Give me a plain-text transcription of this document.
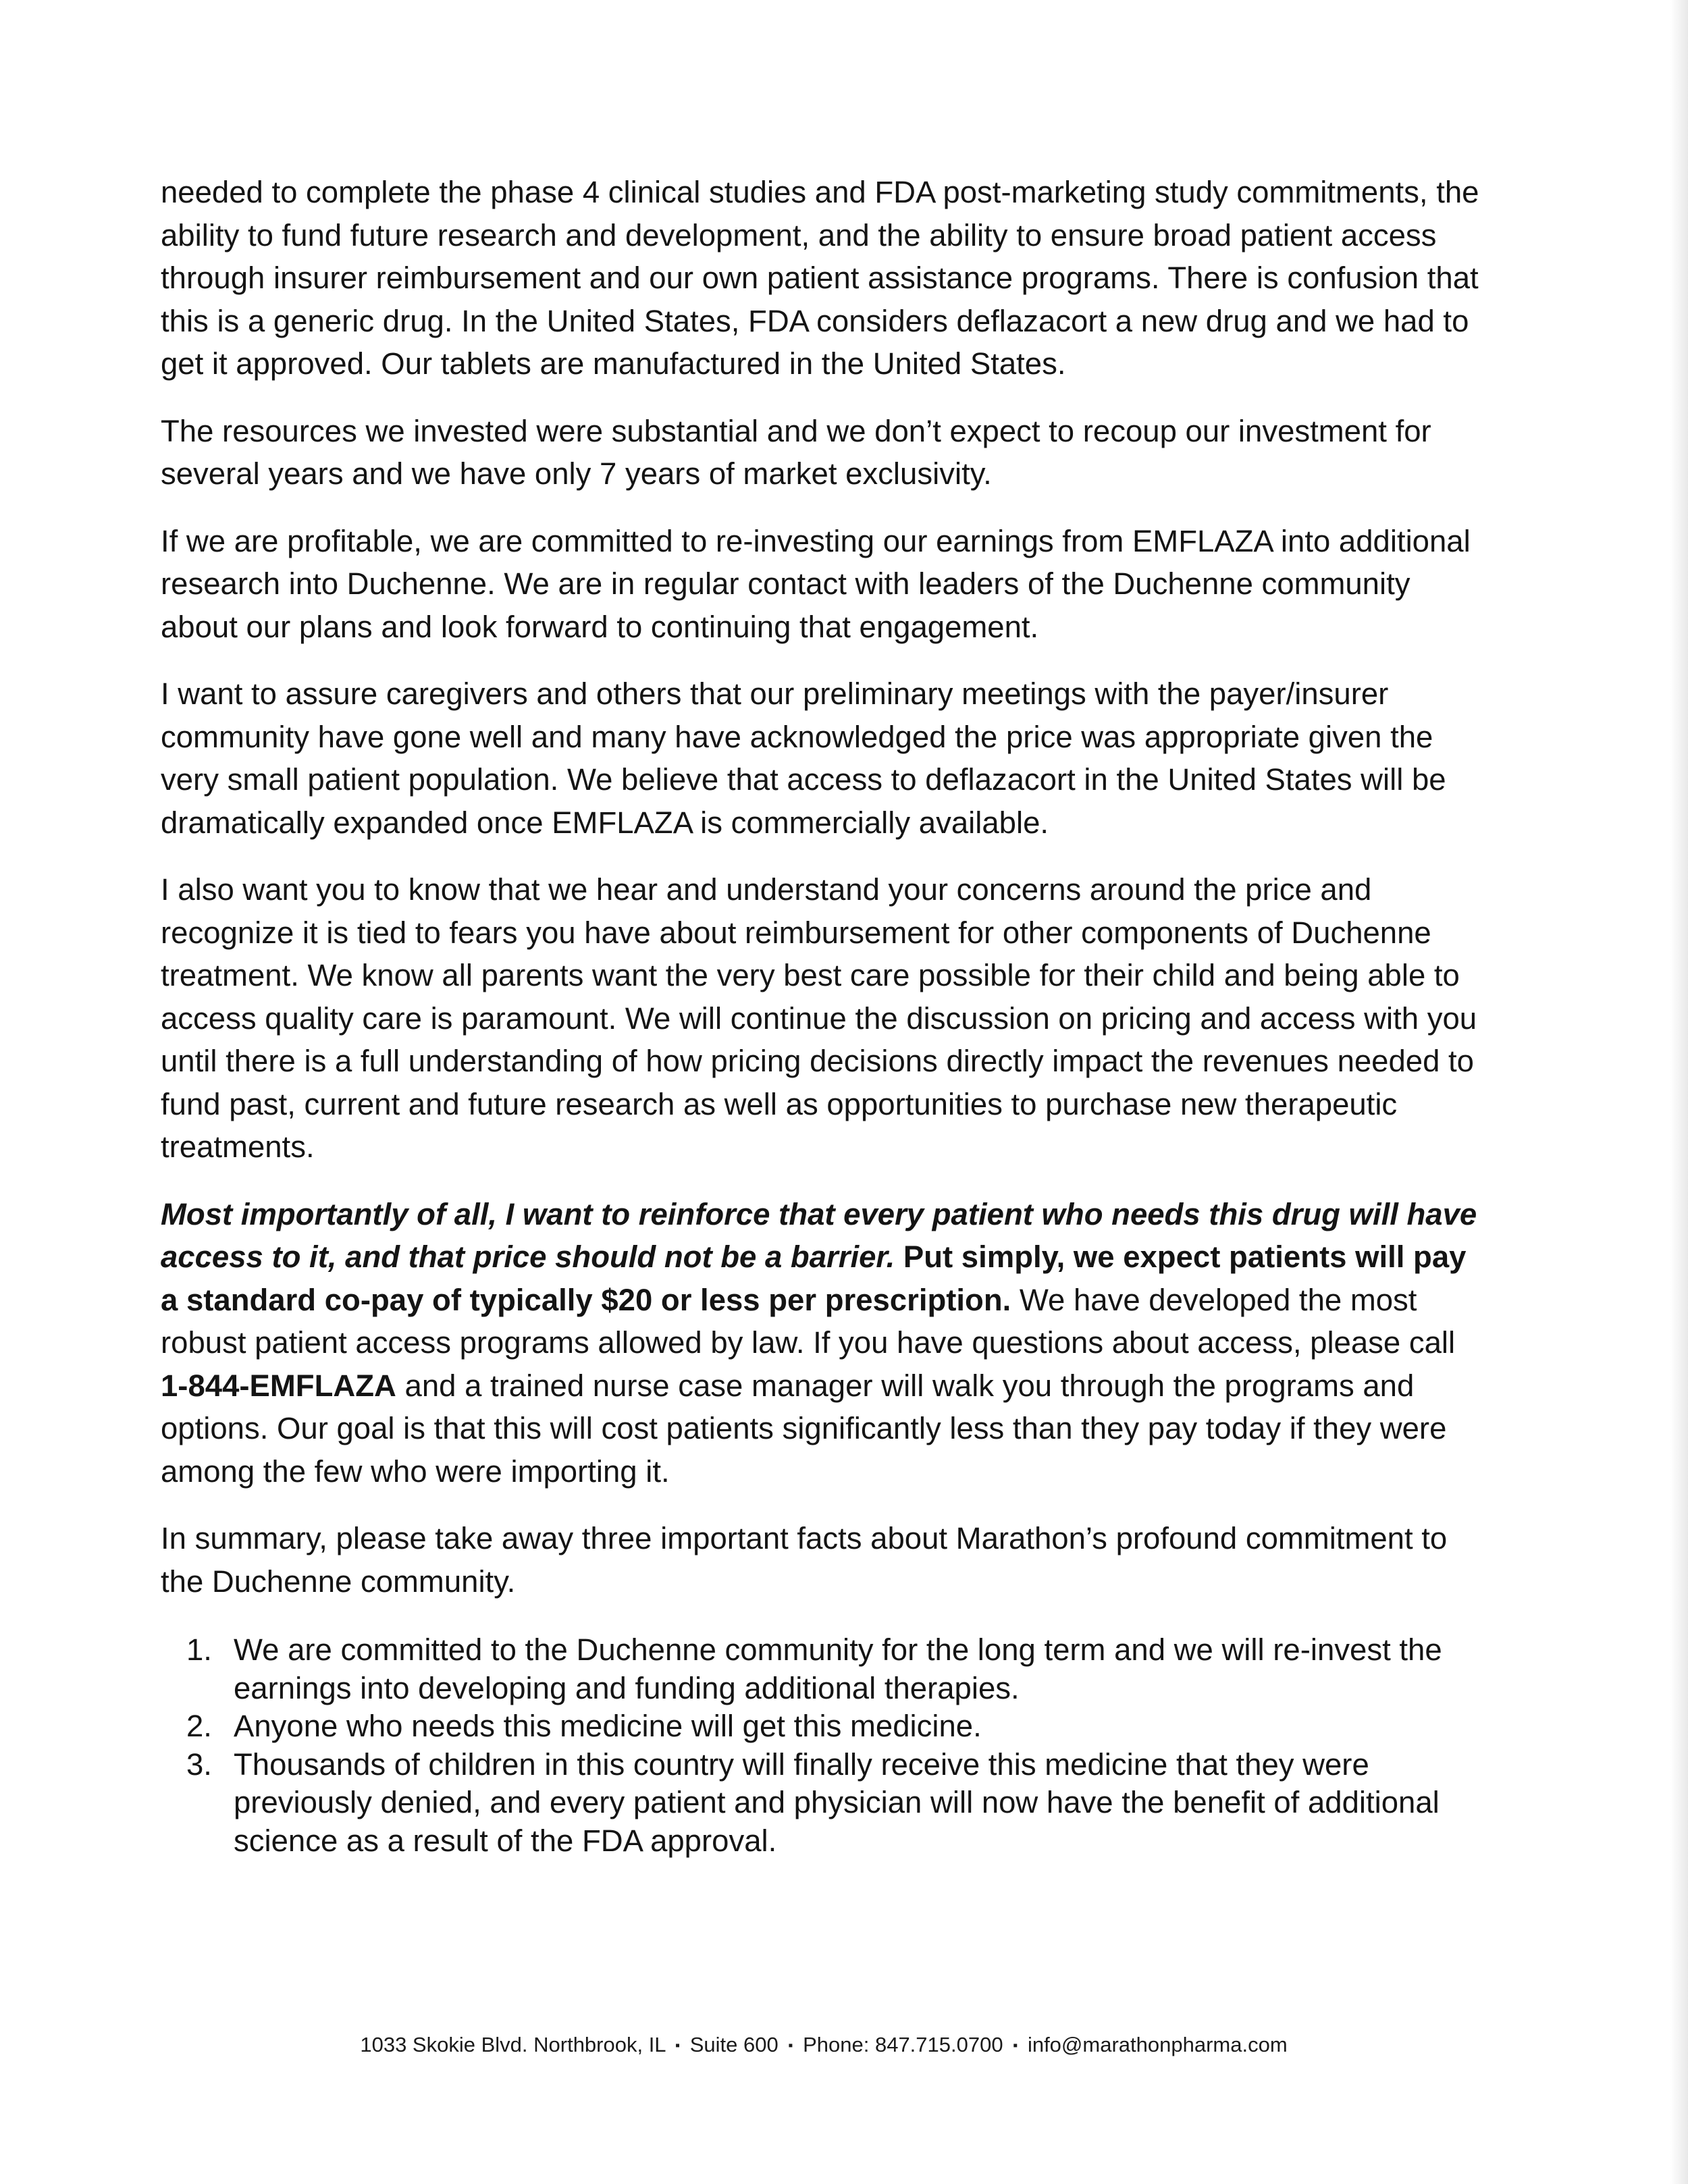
needed to complete the phase 4 clinical studies and FDA post-marketing study commitments, the ability to fund future research and development, and the ability to ensure broad patient access through insurer reimbursement and our own patient assistance programs. There is confusion that this is a generic drug. In the United States, FDA considers deflazacort a new drug and we had to get it approved. Our tablets are manufactured in the United States.

The resources we invested were substantial and we don’t expect to recoup our investment for several years and we have only 7 years of market exclusivity.

If we are profitable, we are committed to re-investing our earnings from EMFLAZA into additional research into Duchenne. We are in regular contact with leaders of the Duchenne community about our plans and look forward to continuing that engagement.

I want to assure caregivers and others that our preliminary meetings with the payer/insurer community have gone well and many have acknowledged the price was appropriate given the very small patient population. We believe that access to deflazacort in the United States will be dramatically expanded once EMFLAZA is commercially available.

I also want you to know that we hear and understand your concerns around the price and recognize it is tied to fears you have about reimbursement for other components of Duchenne treatment. We know all parents want the very best care possible for their child and being able to access quality care is paramount. We will continue the discussion on pricing and access with you until there is a full understanding of how pricing decisions directly impact the revenues needed to fund past, current and future research as well as opportunities to purchase new therapeutic treatments.

Most importantly of all, I want to reinforce that every patient who needs this drug will have access to it, and that price should not be a barrier. Put simply, we expect patients will pay a standard co-pay of typically $20 or less per prescription. We have developed the most robust patient access programs allowed by law. If you have questions about access, please call 1-844-EMFLAZA and a trained nurse case manager will walk you through the programs and options. Our goal is that this will cost patients significantly less than they pay today if they were among the few who were importing it.

In summary, please take away three important facts about Marathon’s profound commitment to the Duchenne community.

1. We are committed to the Duchenne community for the long term and we will re-invest the earnings into developing and funding additional therapies.
2. Anyone who needs this medicine will get this medicine.
3. Thousands of children in this country will finally receive this medicine that they were previously denied, and every patient and physician will now have the benefit of additional science as a result of the FDA approval.
1033 Skokie Blvd. Northbrook, IL ▪ Suite 600 ▪ Phone: 847.715.0700 ▪ info@marathonpharma.com
